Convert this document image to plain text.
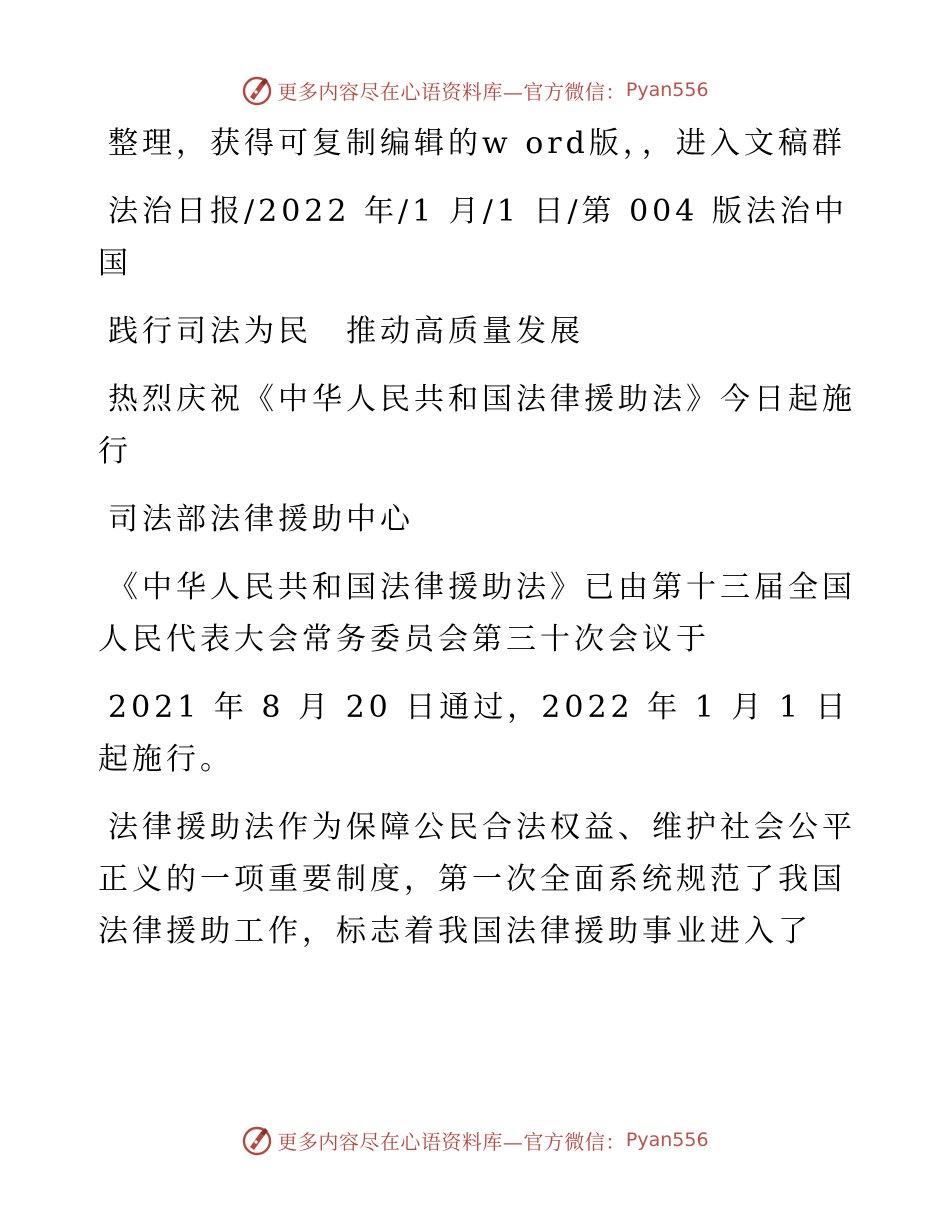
更多内容尽在心语资料库—官方微信： Pyan556

整理，获得可复制编辑的w ord版，，进入文稿群

法治日报/2022 年/1 月/1 日/第 004 版法治中国

践行司法为民　推动高质量发展

热烈庆祝《中华人民共和国法律援助法》今日起施行

司法部法律援助中心

《中华人民共和国法律援助法》已由第十三届全国人民代表大会常务委员会第三十次会议于

2021 年 8 月 20 日通过，2022 年 1 月 1 日起施行。

法律援助法作为保障公民合法权益、维护社会公平正义的一项重要制度，第一次全面系统规范了我国法律援助工作，标志着我国法律援助事业进入了

更多内容尽在心语资料库—官方微信： Pyan556
